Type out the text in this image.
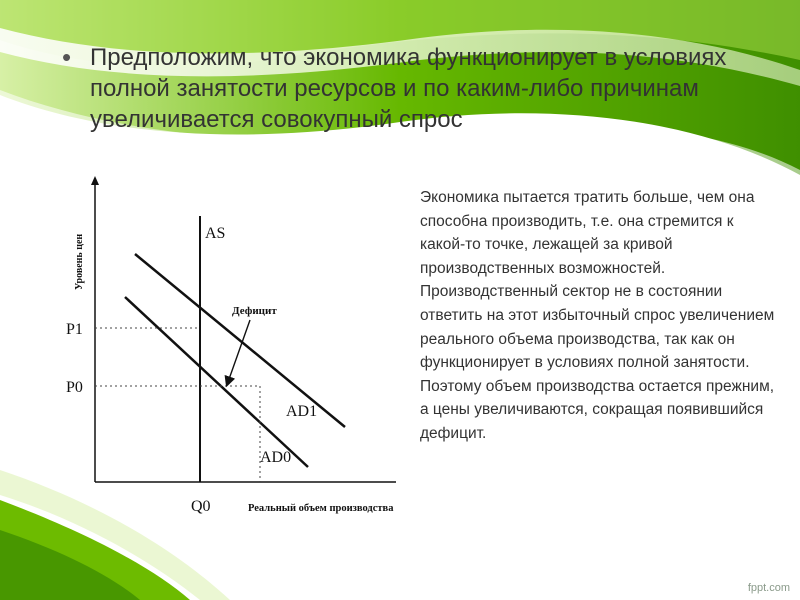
• Предположим, что экономика функционирует в условиях полной занятости ресурсов и по каким-либо причинам увеличивается совокупный спрос
Уровень цен
Реальный объем производства
AS
AD1
AD0
P1
P0
Q0
Дефицит
Экономика пытается тратить больше, чем она способна производить, т.е. она стремится к какой-то точке, лежащей за кривой производственных возможностей. Производственный сектор не в состоянии ответить на этот избыточный спрос увеличением реального объема производства, так как он функционирует в условиях полной занятости. Поэтому объем производства остается прежним, а цены увеличиваются, сокращая появившийся дефицит.
fppt.com
